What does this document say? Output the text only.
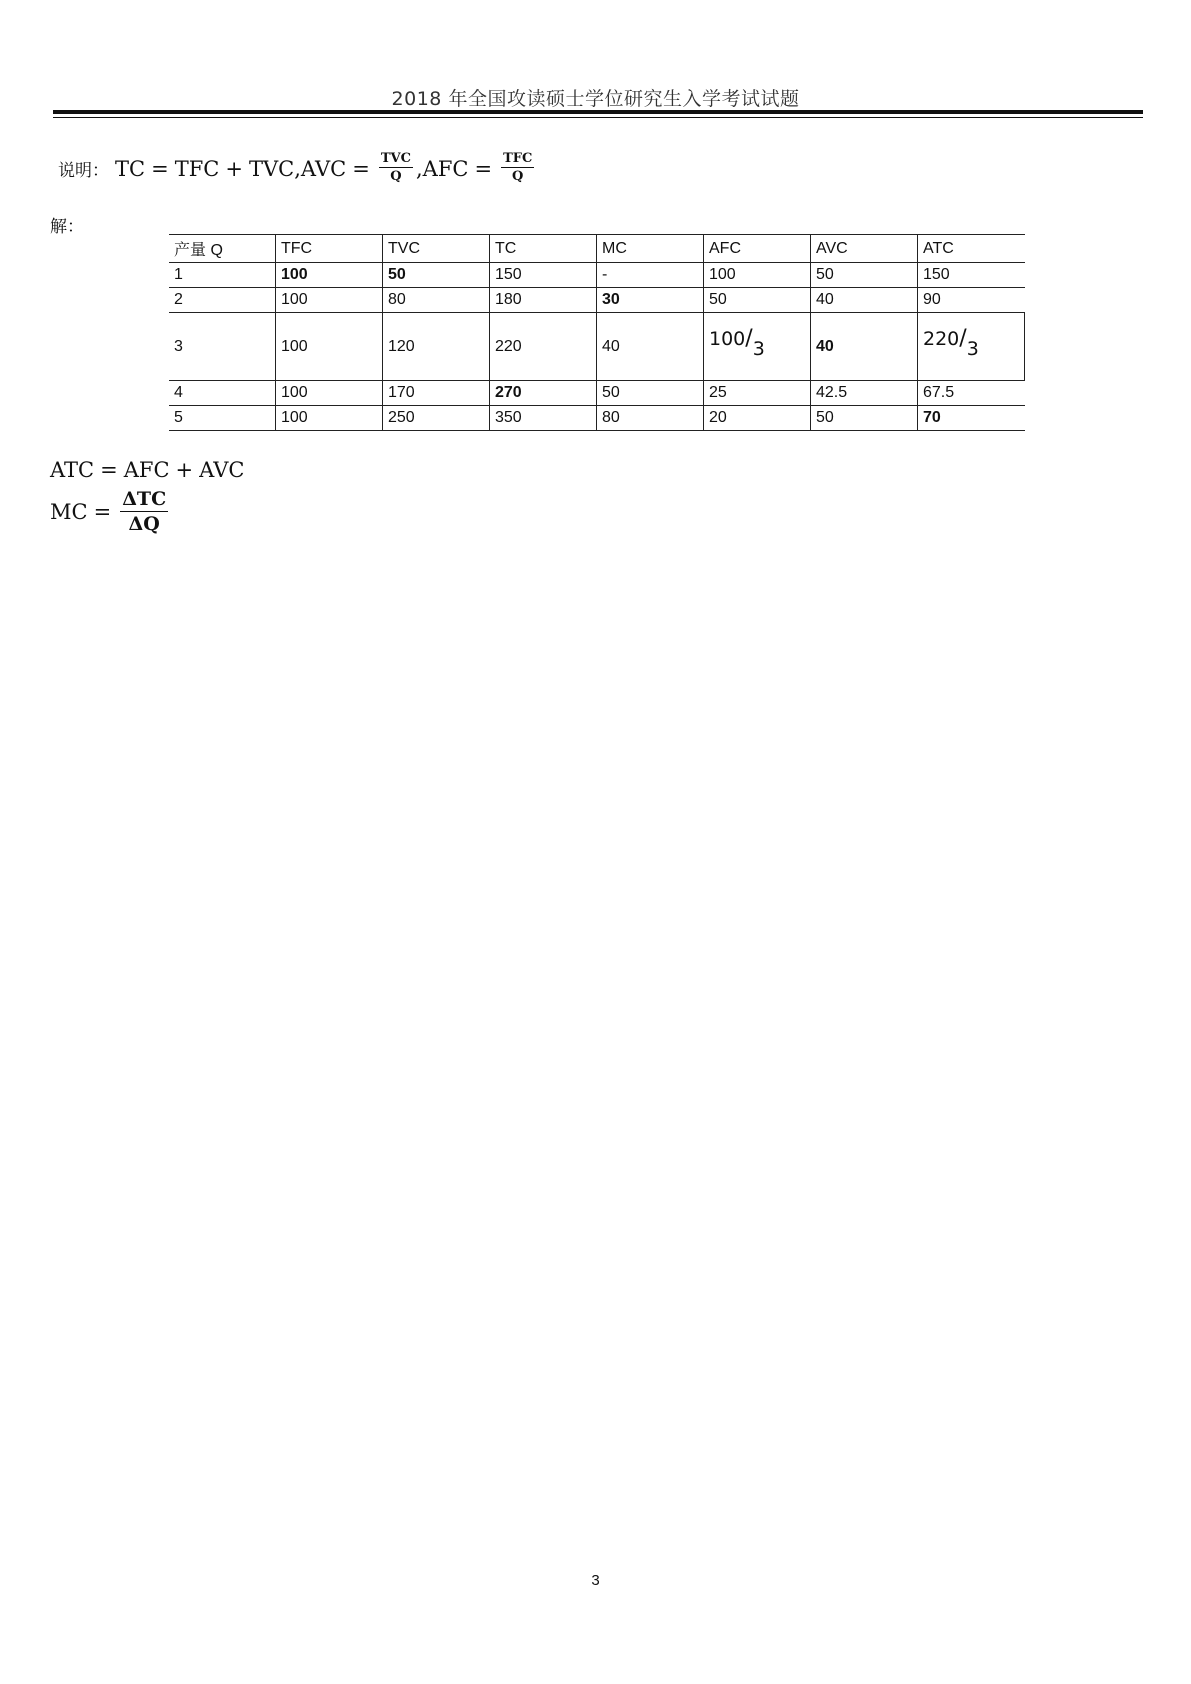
2018 年全国攻读硕士学位研究生入学考试试题
说明： TC = TFC + TVC , AVC = $\frac{\text{TVC}}{Q}$ , AFC = $\frac{\text{TFC}}{Q}$
解：
产量 Q	TFC	TVC	TC	MC	AFC	AVC	ATC
1	100	50	150	-	100	50	150
2	100	80	180	30	50	40	90
3	100	120	220	40	100/3	40	220/3
4	100	170	270	50	25	42.5	67.5
5	100	250	350	80	20	50	70
ATC = AFC + AVC
MC = $\frac{\text{ΔTC}}{\Delta Q}$
3
